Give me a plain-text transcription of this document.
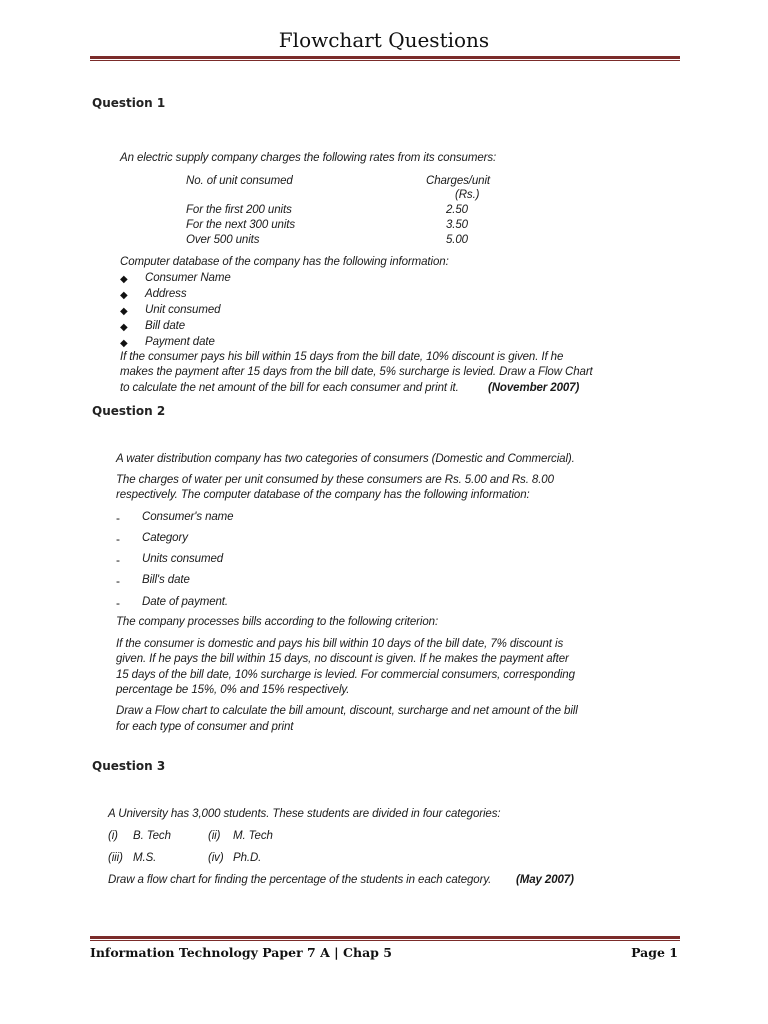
Flowchart Questions
Question 1
An electric supply company charges the following rates from its consumers:
No. of unit consumed	Charges/unit
(Rs.)
For the first 200 units	2.50
For the next 300 units	3.50
Over 500 units	5.00
Computer database of the company has the following information:
◆ Consumer Name
◆ Address
◆ Unit consumed
◆ Bill date
◆ Payment date
If the consumer pays his bill within 15 days from the bill date, 10% discount is given. If he
makes the payment after 15 days from the bill date, 5% surcharge is levied. Draw a Flow Chart
to calculate the net amount of the bill for each consumer and print it.	(November 2007)
Question 2
A water distribution company has two categories of consumers (Domestic and Commercial).
The charges of water per unit consumed by these consumers are Rs. 5.00 and Rs. 8.00
respectively. The computer database of the company has the following information:
- Consumer's name
- Category
- Units consumed
- Bill's date
- Date of payment.
The company processes bills according to the following criterion:
If the consumer is domestic and pays his bill within 10 days of the bill date, 7% discount is
given. If he pays the bill within 15 days, no discount is given. If he makes the payment after
15 days of the bill date, 10% surcharge is levied. For commercial consumers, corresponding
percentage be 15%, 0% and 15% respectively.
Draw a Flow chart to calculate the bill amount, discount, surcharge and net amount of the bill
for each type of consumer and print
Question 3
A University has 3,000 students. These students are divided in four categories:
(i) B. Tech	(ii) M. Tech
(iii) M.S.	(iv) Ph.D.
Draw a flow chart for finding the percentage of the students in each category. (May 2007)
Information Technology Paper 7 A | Chap 5	Page 1
